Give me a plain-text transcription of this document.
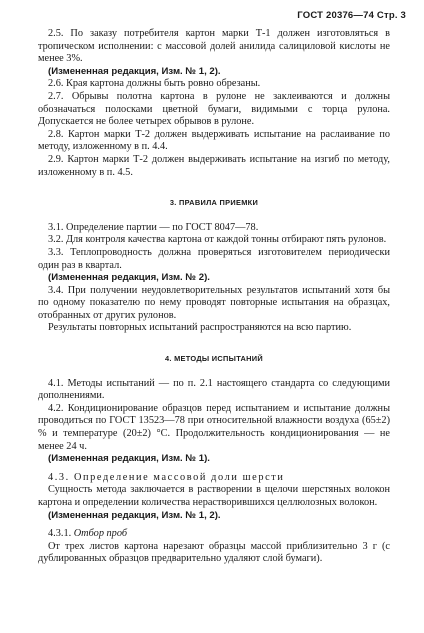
ГОСТ 20376—74 Стр. 3

2.5. По заказу потребителя картон марки Т-1 должен изготовляться в тропическом исполнении: с массовой долей анилида салициловой кислоты не менее 3%.

(Измененная редакция, Изм. № 1, 2).

2.6. Края картона должны быть ровно обрезаны.

2.7. Обрывы полотна картона в рулоне не заклеиваются и должны обозначаться полосками цветной бумаги, видимыми с торца рулона. Допускается не более четырех обрывов в рулоне.

2.8. Картон марки Т-2 должен выдерживать испытание на раслаивание по методу, изложенному в п. 4.4.

2.9. Картон марки Т-2 должен выдерживать испытание на изгиб по методу, изложенному в п. 4.5.

3. ПРАВИЛА ПРИЕМКИ

3.1. Определение партии — по ГОСТ 8047—78.

3.2. Для контроля качества картона от каждой тонны отбирают пять рулонов.

3.3. Теплопроводность должна проверяться изготовителем периодически один раз в квартал.

(Измененная редакция, Изм. № 2).

3.4. При получении неудовлетворительных результатов испытаний хотя бы по одному показателю по нему проводят повторные испытания на образцах, отобранных от других рулонов.

Результаты повторных испытаний распространяются на всю партию.

4. МЕТОДЫ ИСПЫТАНИЙ

4.1. Методы испытаний — по п. 2.1 настоящего стандарта со следующими дополнениями.

4.2. Кондиционирование образцов перед испытанием и испытание должны проводиться по ГОСТ 13523—78 при относительной влажности воздуха (65±2) % и температуре (20±2) °С. Продолжительность кондиционирования — не менее 24 ч.

(Измененная редакция, Изм. № 1).

4.3. Определение массовой доли шерсти

Сущность метода заключается в растворении в щелочи шерстяных волокон картона и определении количества нерастворившихся целлюлозных волокон.

(Измененная редакция, Изм. № 1, 2).

4.3.1. Отбор проб

От трех листов картона нарезают образцы массой приблизительно 3 г (с дублированных образцов предварительно удаляют слой бумаги).
